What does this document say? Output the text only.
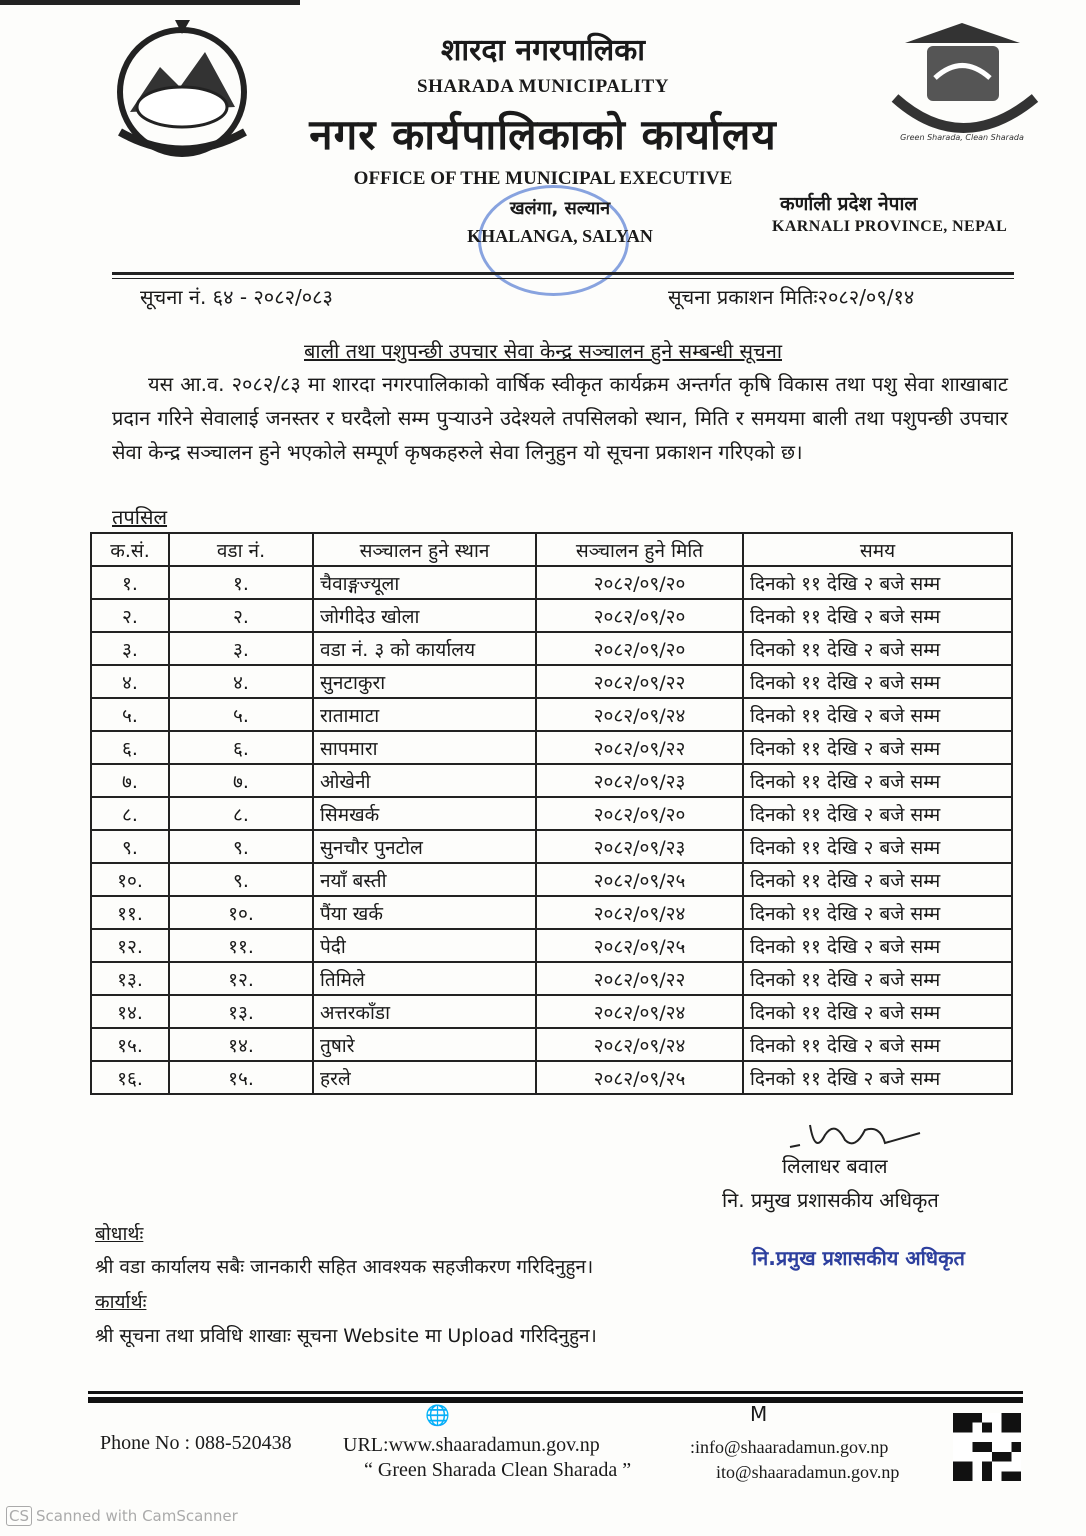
शारदा नगरपालिका
SHARADA MUNICIPALITY
नगर कार्यपालिकाको कार्यालय
OFFICE OF THE MUNICIPAL EXECUTIVE
खलंगा, सल्यान
KHALANGA, SALYAN
Green Sharada, Clean Sharada
कर्णाली प्रदेश नेपाल
KARNALI PROVINCE, NEPAL
सूचना नं. ६४ - २०८२/०८३	सूचना प्रकाशन मितिः२०८२/०९/१४
बाली तथा पशुपन्छी उपचार सेवा केन्द्र सञ्चालन हुने सम्बन्धी सूचना
यस आ.व. २०८२/८३ मा शारदा नगरपालिकाको वार्षिक स्वीकृत कार्यक्रम अन्तर्गत कृषि विकास तथा पशु सेवा शाखाबाट प्रदान गरिने सेवालाई जनस्तर र घरदैलो सम्म पुर्‍याउने उदेश्यले तपसिलको स्थान, मिति र समयमा बाली तथा पशुपन्छी उपचार सेवा केन्द्र सञ्चालन हुने भएकोले सम्पूर्ण कृषकहरुले सेवा लिनुहुन यो सूचना प्रकाशन गरिएको छ।
तपसिल
क.सं.	वडा नं.	सञ्चालन हुने स्थान	सञ्चालन हुने मिति	समय
१.	१.	चैवाङ्गज्यूला	२०८२/०९/२०	दिनको ११ देखि २ बजे सम्म
२.	२.	जोगीदेउ खोला	२०८२/०९/२०	दिनको ११ देखि २ बजे सम्म
३.	३.	वडा नं. ३ को कार्यालय	२०८२/०९/२०	दिनको ११ देखि २ बजे सम्म
४.	४.	सुनटाकुरा	२०८२/०९/२२	दिनको ११ देखि २ बजे सम्म
५.	५.	रातामाटा	२०८२/०९/२४	दिनको ११ देखि २ बजे सम्म
६.	६.	सापमारा	२०८२/०९/२२	दिनको ११ देखि २ बजे सम्म
७.	७.	ओखेनी	२०८२/०९/२३	दिनको ११ देखि २ बजे सम्म
८.	८.	सिमखर्क	२०८२/०९/२०	दिनको ११ देखि २ बजे सम्म
९.	९.	सुनचौर पुनटोल	२०८२/०९/२३	दिनको ११ देखि २ बजे सम्म
१०.	९.	नयाँ बस्ती	२०८२/०९/२५	दिनको ११ देखि २ बजे सम्म
११.	१०.	पैंया खर्क	२०८२/०९/२४	दिनको ११ देखि २ बजे सम्म
१२.	११.	पेदी	२०८२/०९/२५	दिनको ११ देखि २ बजे सम्म
१३.	१२.	तिमिले	२०८२/०९/२२	दिनको ११ देखि २ बजे सम्म
१४.	१३.	अत्तरकाँडा	२०८२/०९/२४	दिनको ११ देखि २ बजे सम्म
१५.	१४.	तुषारे	२०८२/०९/२४	दिनको ११ देखि २ बजे सम्म
१६.	१५.	हरले	२०८२/०९/२५	दिनको ११ देखि २ बजे सम्म
लिलाधर बवाल
नि. प्रमुख प्रशासकीय अधिकृत
नि.प्रमुख प्रशासकीय अधिकृत
बोधार्थः
श्री वडा कार्यालय सबैः जानकारी सहित आवश्यक सहजीकरण गरिदिनुहुन।
कार्यार्थः
श्री सूचना तथा प्रविधि शाखाः सूचना Website मा Upload गरिदिनुहुन।
🌐	M
Phone No : 088-520438	URL:www.shaaradamun.gov.np
“ Green Sharada Clean Sharada ”
:info@shaaradamun.gov.np
ito@shaaradamun.gov.np
CS Scanned with CamScanner
